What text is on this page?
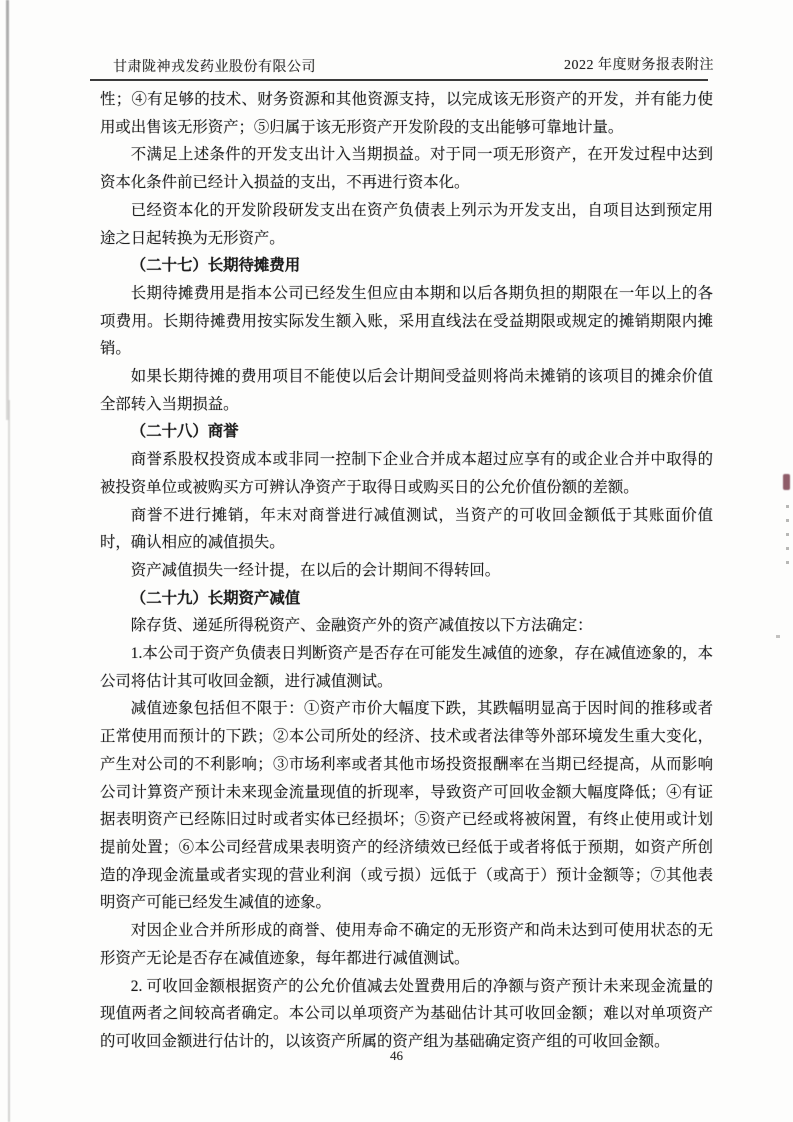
甘肃陇神戎发药业股份有限公司	2022 年度财务报表附注

性；④有足够的技术、财务资源和其他资源支持，以完成该无形资产的开发，并有能力使用或出售该无形资产；⑤归属于该无形资产开发阶段的支出能够可靠地计量。

不满足上述条件的开发支出计入当期损益。对于同一项无形资产，在开发过程中达到资本化条件前已经计入损益的支出，不再进行资本化。

已经资本化的开发阶段研发支出在资产负债表上列示为开发支出，自项目达到预定用途之日起转换为无形资产。

（二十七）长期待摊费用

长期待摊费用是指本公司已经发生但应由本期和以后各期负担的期限在一年以上的各项费用。长期待摊费用按实际发生额入账，采用直线法在受益期限或规定的摊销期限内摊销。

如果长期待摊的费用项目不能使以后会计期间受益则将尚未摊销的该项目的摊余价值全部转入当期损益。

（二十八）商誉

商誉系股权投资成本或非同一控制下企业合并成本超过应享有的或企业合并中取得的被投资单位或被购买方可辨认净资产于取得日或购买日的公允价值份额的差额。

商誉不进行摊销，年末对商誉进行减值测试，当资产的可收回金额低于其账面价值时，确认相应的减值损失。

资产减值损失一经计提，在以后的会计期间不得转回。

（二十九）长期资产减值

除存货、递延所得税资产、金融资产外的资产减值按以下方法确定：

1.本公司于资产负债表日判断资产是否存在可能发生减值的迹象，存在减值迹象的，本公司将估计其可收回金额，进行减值测试。

减值迹象包括但不限于：①资产市价大幅度下跌，其跌幅明显高于因时间的推移或者正常使用而预计的下跌；②本公司所处的经济、技术或者法律等外部环境发生重大变化，产生对公司的不利影响；③市场利率或者其他市场投资报酬率在当期已经提高，从而影响公司计算资产预计未来现金流量现值的折现率，导致资产可回收金额大幅度降低；④有证据表明资产已经陈旧过时或者实体已经损坏；⑤资产已经或将被闲置，有终止使用或计划提前处置；⑥本公司经营成果表明资产的经济绩效已经低于或者将低于预期，如资产所创造的净现金流量或者实现的营业利润（或亏损）远低于（或高于）预计金额等；⑦其他表明资产可能已经发生减值的迹象。

对因企业合并所形成的商誉、使用寿命不确定的无形资产和尚未达到可使用状态的无形资产无论是否存在减值迹象，每年都进行减值测试。

2. 可收回金额根据资产的公允价值减去处置费用后的净额与资产预计未来现金流量的现值两者之间较高者确定。本公司以单项资产为基础估计其可收回金额；难以对单项资产的可收回金额进行估计的，以该资产所属的资产组为基础确定资产组的可收回金额。

46
